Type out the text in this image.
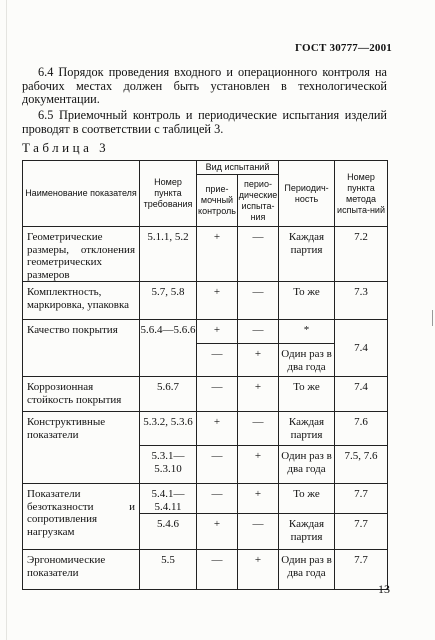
ГОСТ 30777—2001
6.4 Порядок проведения входного и операционного контроля на рабочих местах должен быть установлен в технологической документации.
6.5 Приемочный контроль и периодические испытания изделий проводят в соответствии с таблицей 3.
Таблица 3
Наименование показателя	Номер пункта требования	Вид испытаний		Периодич-ность	Номер пункта метода испыта-ний
		прие-мочный контроль	перио-дические испыта-ния		
Геометрические размеры, отклонения геометрических размеров	5.1.1, 5.2	+	—	Каждая партия	7.2
Комплектность, маркировка, упаковка	5.7, 5.8	+	—	То же	7.3
Качество покрытия	5.6.4—5.6.6	+	—	*	7.4
		—	+	Один раз в два года	
Коррозионная стойкость покрытия	5.6.7	—	+	То же	7.4
Конструктивные показатели	5.3.2, 5.3.6	+	—	Каждая партия	7.6
	5.3.1—5.3.10	—	+	Один раз в два года	7.5, 7.6
Показатели безотказности и сопротивления нагрузкам	5.4.1—5.4.11	—	+	То же	7.7
	5.4.6	+	—	Каждая партия	7.7
Эргономические показатели	5.5	—	+	Один раз в два года	7.7
13
